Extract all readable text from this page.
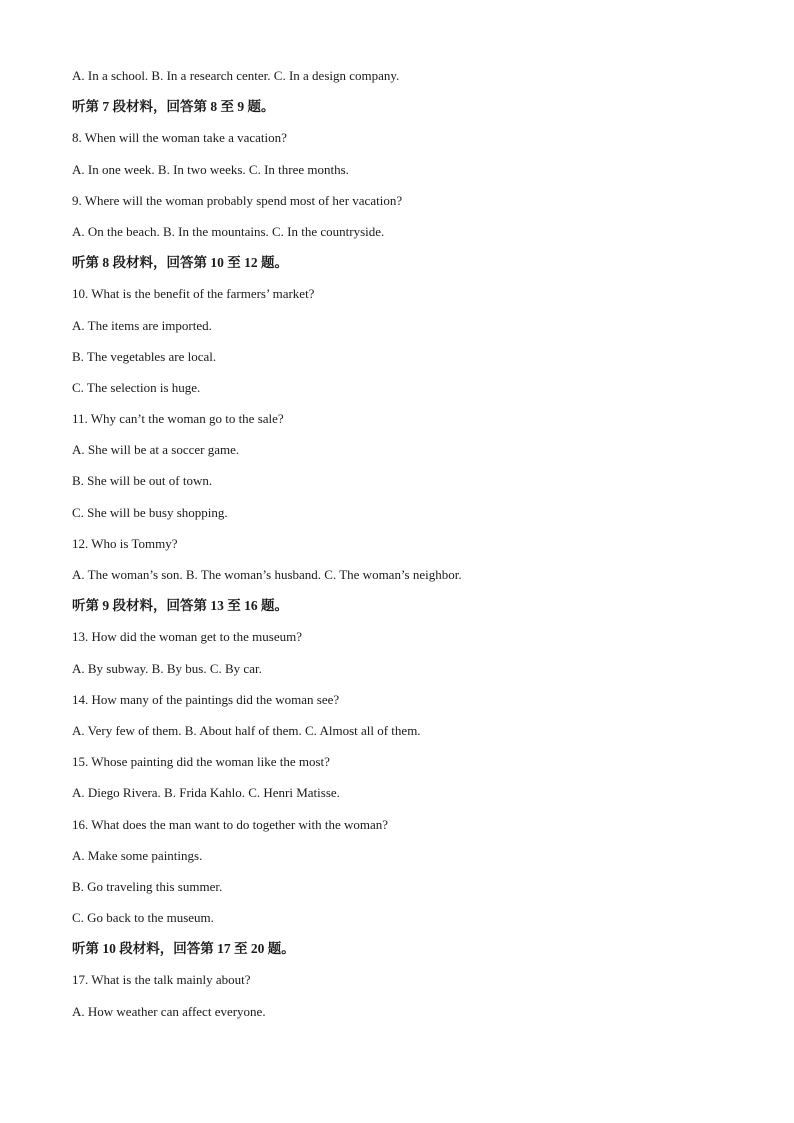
A. In a school. B. In a research center. C. In a design company.
听第 7 段材料，回答第 8 至 9 题。
8. When will the woman take a vacation?
A. In one week. B. In two weeks. C. In three months.
9. Where will the woman probably spend most of her vacation?
A. On the beach. B. In the mountains. C. In the countryside.
听第 8 段材料，回答第 10 至 12 题。
10. What is the benefit of the farmers’ market?
A. The items are imported.
B. The vegetables are local.
C. The selection is huge.
11. Why can’t the woman go to the sale?
A. She will be at a soccer game.
B. She will be out of town.
C. She will be busy shopping.
12. Who is Tommy?
A. The woman’s son. B. The woman’s husband. C. The woman’s neighbor.
听第 9 段材料，回答第 13 至 16 题。
13. How did the woman get to the museum?
A. By subway. B. By bus. C. By car.
14. How many of the paintings did the woman see?
A. Very few of them. B. About half of them. C. Almost all of them.
15. Whose painting did the woman like the most?
A. Diego Rivera. B. Frida Kahlo. C. Henri Matisse.
16. What does the man want to do together with the woman?
A. Make some paintings.
B. Go traveling this summer.
C. Go back to the museum.
听第 10 段材料，回答第 17 至 20 题。
17. What is the talk mainly about?
A. How weather can affect everyone.
